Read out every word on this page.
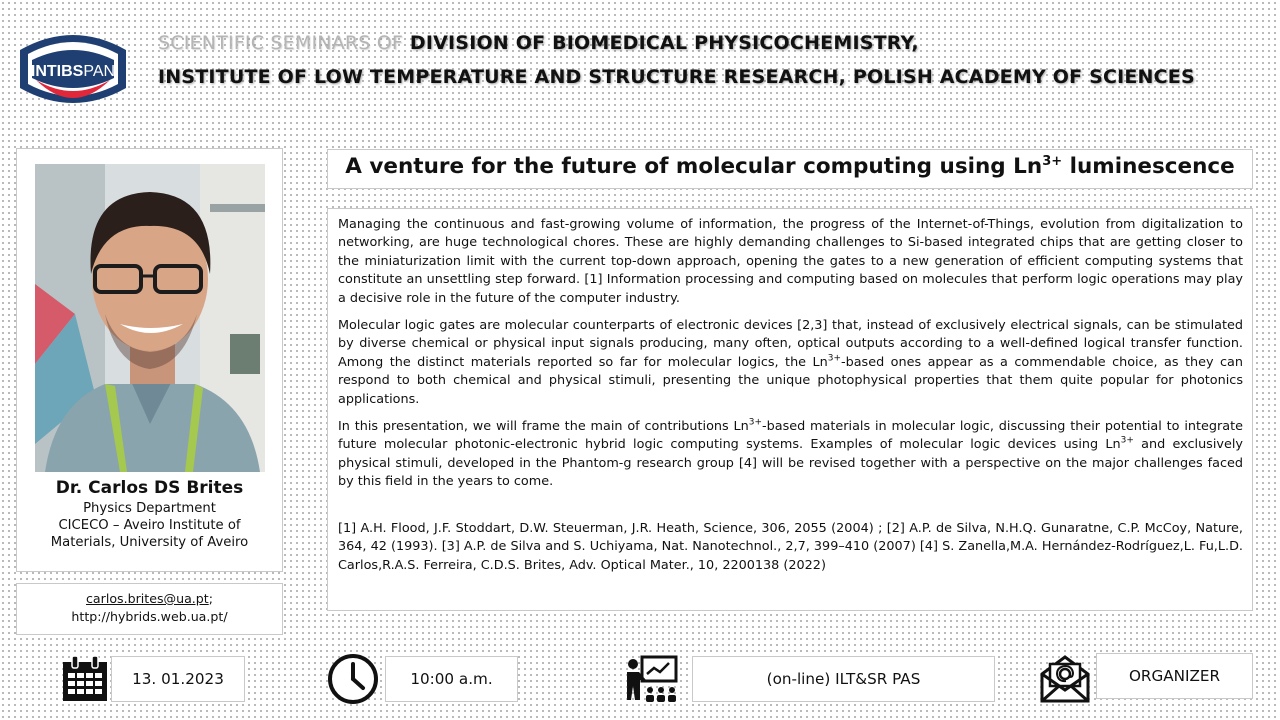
INTIBSPAN
SCIENTIFIC SEMINARS OF DIVISION OF BIOMEDICAL PHYSICOCHEMISTRY,
INSTITUTE OF LOW TEMPERATURE AND STRUCTURE RESEARCH, POLISH ACADEMY OF SCIENCES
Dr. Carlos DS Brites
Physics Department
CICECO – Aveiro Institute of
Materials, University of Aveiro
carlos.brites@ua.pt;
http://hybrids.web.ua.pt/
A venture for the future of molecular computing using $Ln^{3+}$ luminescence

Managing the continuous and fast-growing volume of information, the progress of the Internet-of-Things, evolution from digitalization to networking, are huge technological chores. These are highly demanding challenges to Si-based integrated chips that are getting closer to the miniaturization limit with the current top-down approach, opening the gates to a new generation of efficient computing systems that constitute an unsettling step forward. [1] Information processing and computing based on molecules that perform logic operations may play a decisive role in the future of the computer industry.

Molecular logic gates are molecular counterparts of electronic devices [2,3] that, instead of exclusively electrical signals, can be stimulated by diverse chemical or physical input signals producing, many often, optical outputs according to a well-defined logical transfer function. Among the distinct materials reported so far for molecular logics, the $Ln^{3+}$-based ones appear as a commendable choice, as they can respond to both chemical and physical stimuli, presenting the unique photophysical properties that them quite popular for photonics applications.

In this presentation, we will frame the main of contributions $Ln^{3+}$-based materials in molecular logic, discussing their potential to integrate future molecular photonic-electronic hybrid logic computing systems. Examples of molecular logic devices using $Ln^{3+}$ and exclusively physical stimuli, developed in the Phantom-g research group [4] will be revised together with a perspective on the major challenges faced by this field in the years to come.

[1] A.H. Flood, J.F. Stoddart, D.W. Steuerman, J.R. Heath, Science, 306, 2055 (2004) ; [2] A.P. de Silva, N.H.Q. Gunaratne, C.P. McCoy, Nature, 364, 42 (1993). [3] A.P. de Silva and S. Uchiyama, Nat. Nanotechnol., 2,7, 399–410 (2007) [4] S. Zanella,M.A. Hernández-Rodríguez,L. Fu,L.D. Carlos,R.A.S. Ferreira, C.D.S. Brites, Adv. Optical Mater., 10, 2200138 (2022)

13. 01.2023	10:00 a.m.	(on-line) ILT&SR PAS	ORGANIZER
